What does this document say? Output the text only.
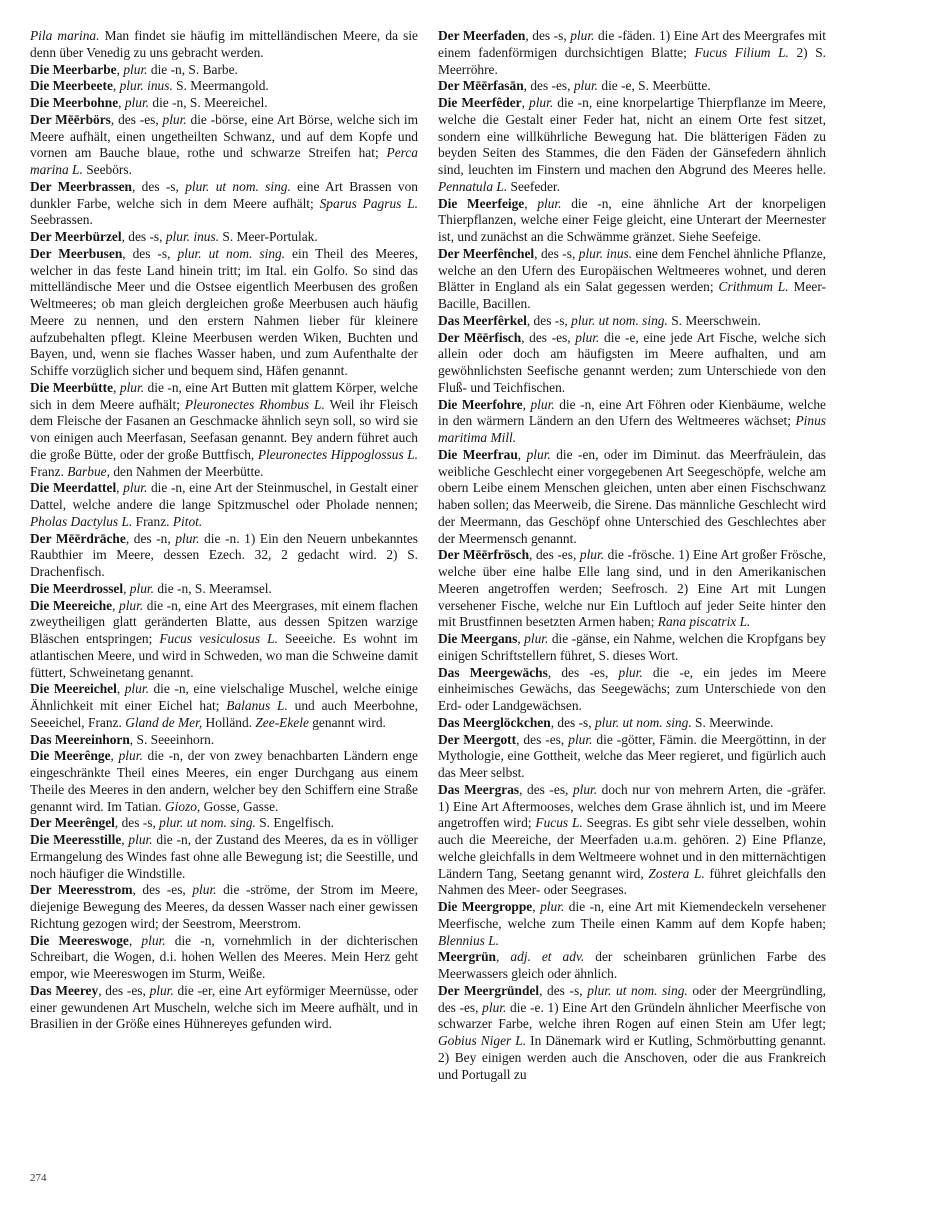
Pila marina. Man findet sie häufig im mittelländischen Meere, da sie denn über Venedig zu uns gebracht werden.
Die Meerbarbe, plur. die -n, S. Barbe.
Die Meerbeete, plur. inus. S. Meermangold.
Die Meerbohne, plur. die -n, S. Meereichel.
Der Mēērbörs, des -es, plur. die -börse, eine Art Börse, welche sich im Meere aufhält, einen ungetheilten Schwanz, und auf dem Kopfe und vornen am Bauche blaue, rothe und schwarze Streifen hat; Perca marina L. Seebörs.
Der Meerbrassen, des -s, plur. ut nom. sing. eine Art Brassen von dunkler Farbe, welche sich in dem Meere aufhält; Sparus Pagrus L. Seebrassen.
Der Meerbürzel, des -s, plur. inus. S. Meer-Portulak.
Der Meerbusen, des -s, plur. ut nom. sing. ein Theil des Meeres, welcher in das feste Land hinein tritt; im Ital. ein Golfo. So sind das mittelländische Meer und die Ostsee eigentlich Meerbusen des großen Weltmeeres; ob man gleich dergleichen große Meerbusen auch häufig Meere zu nennen, und den erstern Nahmen lieber für kleinere aufzubehalten pflegt. Kleine Meerbusen werden Wiken, Buchten und Bayen, und, wenn sie flaches Wasser haben, und zum Aufenthalte der Schiffe vorzüglich sicher und bequem sind, Häfen genannt.
Die Meerbütte, plur. die -n, eine Art Butten mit glattem Körper, welche sich in dem Meere aufhält; Pleuronectes Rhombus L. Weil ihr Fleisch dem Fleische der Fasanen an Geschmacke ähnlich seyn soll, so wird sie von einigen auch Meerfasan, Seefasan genannt. Bey andern führet auch die große Bütte, oder der große Buttfisch, Pleuronectes Hippoglossus L. Franz. Barbue, den Nahmen der Meerbütte.
Die Meerdattel, plur. die -n, eine Art der Steinmuschel, in Gestalt einer Dattel, welche andere die lange Spitzmuschel oder Pholade nennen; Pholas Dactylus L. Franz. Pitot.
Der Mēērdrāche, des -n, plur. die -n. 1) Ein den Neuern unbekanntes Raubthier im Meere, dessen Ezech. 32, 2 gedacht wird. 2) S. Drachenfisch.
Die Meerdrossel, plur. die -n, S. Meeramsel.
Die Meereiche, plur. die -n, eine Art des Meergrases, mit einem flachen zweytheiligen glatt geränderten Blatte, aus dessen Spitzen warzige Bläschen entspringen; Fucus vesiculosus L. Seeeiche. Es wohnt im atlantischen Meere, und wird in Schweden, wo man die Schweine damit füttert, Schweinetang genannt.
Die Meereichel, plur. die -n, eine vielschalige Muschel, welche einige Ähnlichkeit mit einer Eichel hat; Balanus L. und auch Meerbohne, Seeeichel, Franz. Gland de Mer, Holländ. Zee-Ekele genannt wird.
Das Meereinhorn, S. Seeeinhorn.
Die Meerênge, plur. die -n, der von zwey benachbarten Ländern enge eingeschränkte Theil eines Meeres, ein enger Durchgang aus einem Theile des Meeres in den andern, welcher bey den Schiffern eine Straße genannt wird. Im Tatian. Giozo, Gosse, Gasse.
Der Meerêngel, des -s, plur. ut nom. sing. S. Engelfisch.
Die Meeresstille, plur. die -n, der Zustand des Meeres, da es in völliger Ermangelung des Windes fast ohne alle Bewegung ist; die Seestille, und noch häufiger die Windstille.
Der Meeresstrom, des -es, plur. die -ströme, der Strom im Meere, diejenige Bewegung des Meeres, da dessen Wasser nach einer gewissen Richtung gezogen wird; der Seestrom, Meerstrom.
Die Meereswoge, plur. die -n, vornehmlich in der dichterischen Schreibart, die Wogen, d.i. hohen Wellen des Meeres. Mein Herz geht empor, wie Meereswogen im Sturm, Weiße.
Das Meerey, des -es, plur. die -er, eine Art eyförmiger Meernüsse, oder einer gewundenen Art Muscheln, welche sich im Meere aufhält, und in Brasilien in der Größe eines Hühnereyes gefunden wird.
Der Meerfaden, des -s, plur. die -fäden. 1) Eine Art des Meergrafes mit einem fadenförmigen durchsichtigen Blatte; Fucus Filium L. 2) S. Meerröhre.
Der Mēērfasān, des -es, plur. die -e, S. Meerbütte.
Die Meerfêder, plur. die -n, eine knorpelartige Thierpflanze im Meere, welche die Gestalt einer Feder hat, nicht an einem Orte fest sitzet, sondern eine willkührliche Bewegung hat. Die blätterigen Fäden zu beyden Seiten des Stammes, die den Fäden der Gänsefedern ähnlich sind, leuchten im Finstern und machen den Abgrund des Meeres helle. Pennatula L. Seefeder.
Die Meerfeige, plur. die -n, eine ähnliche Art der knorpeligen Thierpflanzen, welche einer Feige gleicht, eine Unterart der Meernester ist, und zunächst an die Schwämme gränzet. Siehe Seefeige.
Der Meerfênchel, des -s, plur. inus. eine dem Fenchel ähnliche Pflanze, welche an den Ufern des Europäischen Weltmeeres wohnet, und deren Blätter in England als ein Salat gegessen werden; Crithmum L. Meer-Bacille, Bacillen.
Das Meerfêrkel, des -s, plur. ut nom. sing. S. Meerschwein.
Der Mēērfisch, des -es, plur. die -e, eine jede Art Fische, welche sich allein oder doch am häufigsten im Meere aufhalten, und am gewöhnlichsten Seefische genannt werden; zum Unterschiede von den Fluß- und Teichfischen.
Die Meerfohre, plur. die -n, eine Art Föhren oder Kienbäume, welche in den wärmern Ländern an den Ufern des Weltmeeres wächset; Pinus maritima Mill.
Die Meerfrau, plur. die -en, oder im Diminut. das Meerfräulein, das weibliche Geschlecht einer vorgegebenen Art Seegeschöpfe, welche am obern Leibe einem Menschen gleichen, unten aber einen Fischschwanz haben sollen; das Meerweib, die Sirene. Das männliche Geschlecht wird der Meermann, das Geschöpf ohne Unterschied des Geschlechtes aber der Meermensch genannt.
Der Mēērfrösch, des -es, plur. die -frösche. 1) Eine Art großer Frösche, welche über eine halbe Elle lang sind, und in den Amerikanischen Meeren angetroffen werden; Seefrosch. 2) Eine Art mit Lungen versehener Fische, welche nur Ein Luftloch auf jeder Seite hinter den mit Brustfinnen besetzten Armen haben; Rana piscatrix L.
Die Meergans, plur. die -gänse, ein Nahme, welchen die Kropfgans bey einigen Schriftstellern führet, S. dieses Wort.
Das Meergewächs, des -es, plur. die -e, ein jedes im Meere einheimisches Gewächs, das Seegewächs; zum Unterschiede von den Erd- oder Landgewächsen.
Das Meerglöckchen, des -s, plur. ut nom. sing. S. Meerwinde.
Der Meergott, des -es, plur. die -götter, Fämin. die Meergöttinn, in der Mythologie, eine Gottheit, welche das Meer regieret, und figürlich auch das Meer selbst.
Das Meergras, des -es, plur. doch nur von mehrern Arten, die -gräfer. 1) Eine Art Aftermooses, welches dem Grase ähnlich ist, und im Meere angetroffen wird; Fucus L. Seegras. Es gibt sehr viele desselben, wohin auch die Meereiche, der Meerfaden u.a.m. gehören. 2) Eine Pflanze, welche gleichfalls in dem Weltmeere wohnet und in den mitternächtigen Ländern Tang, Seetang genannt wird, Zostera L. führet gleichfalls den Nahmen des Meer- oder Seegrases.
Die Meergroppe, plur. die -n, eine Art mit Kiemendeckeln versehener Meerfische, welche zum Theile einen Kamm auf dem Kopfe haben; Blennius L.
Meergrün, adj. et adv. der scheinbaren grünlichen Farbe des Meerwassers gleich oder ähnlich.
Der Meergründel, des -s, plur. ut nom. sing. oder der Meergründling, des -es, plur. die -e. 1) Eine Art den Gründeln ähnlicher Meerfische von schwarzer Farbe, welche ihren Rogen auf einen Stein am Ufer legt; Gobius Niger L. In Dänemark wird er Kutling, Schmörbutting genannt. 2) Bey einigen werden auch die Anschoven, oder die aus Frankreich und Portugall zu
274
